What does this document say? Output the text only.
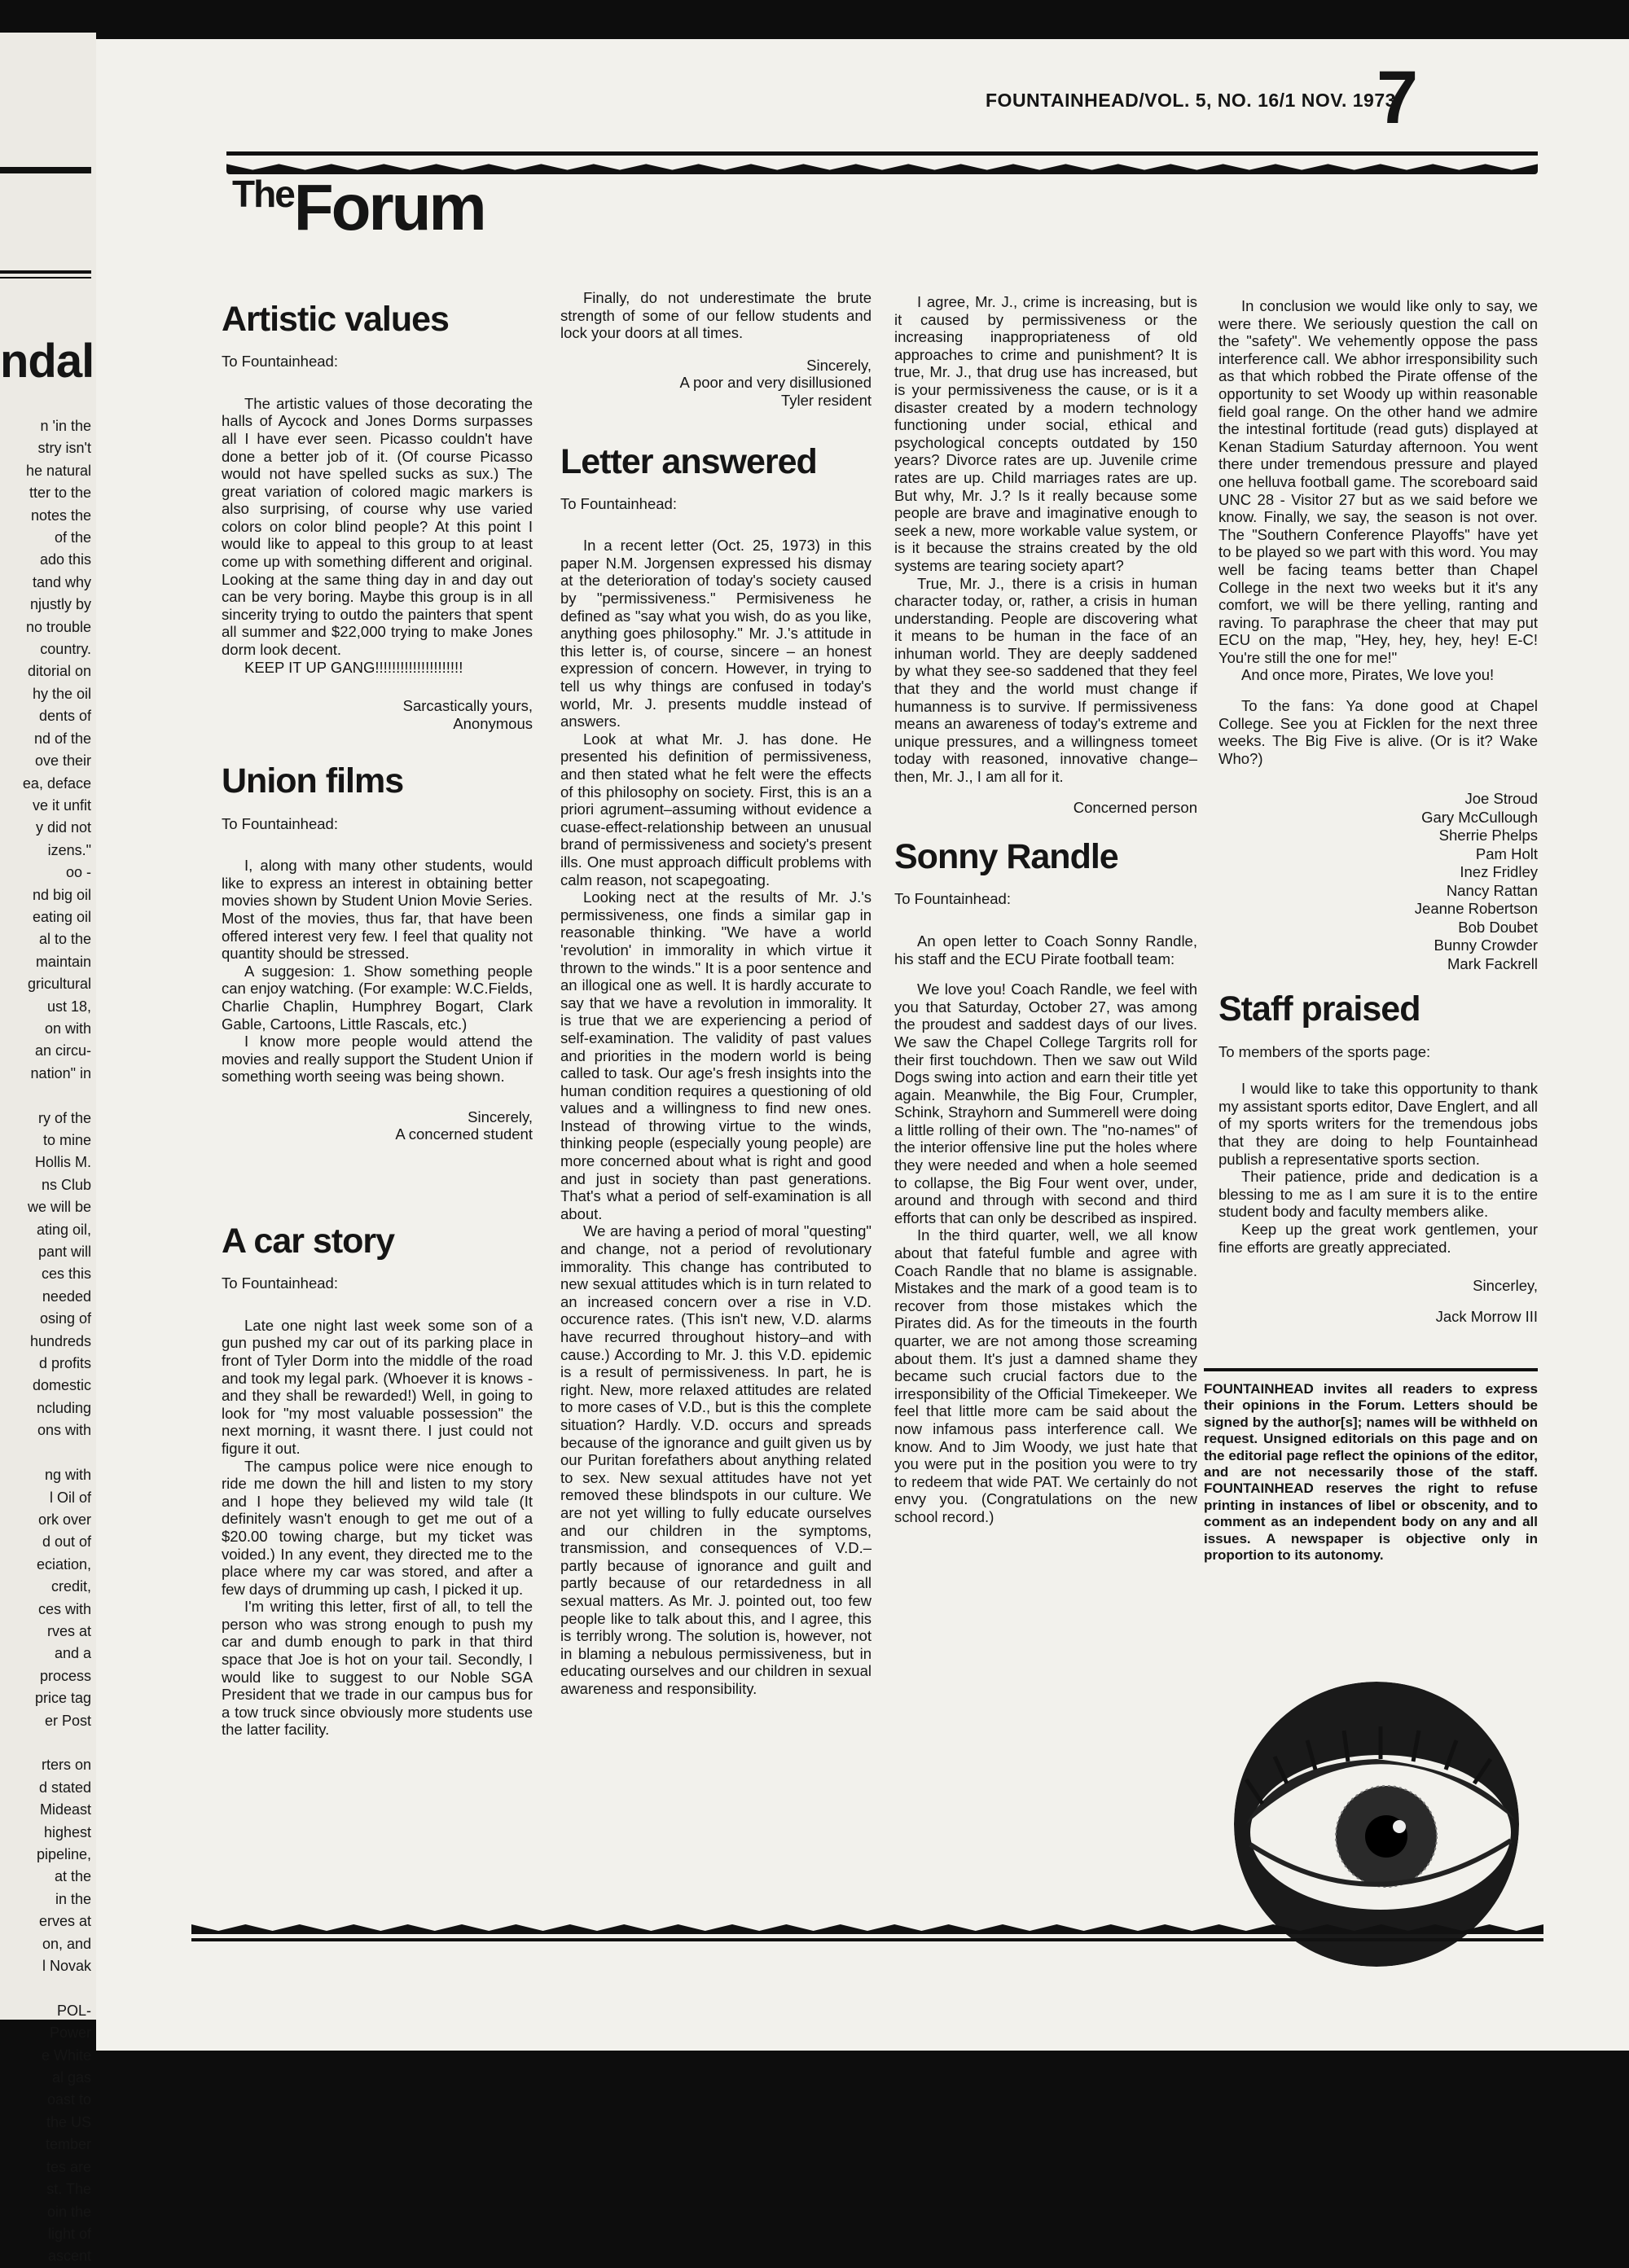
ndal
n 'in the
stry isn't
he natural
tter to the
notes the
of the
ado this
tand why
njustly by
no trouble
country.
ditorial on
hy the oil
dents of
nd of the
ove their
ea, deface
ve it unfit
y did not
izens."
oo -
nd big oil
eating oil
al to the
maintain
gricultural
ust 18,
on with
an circu-
nation" in

ry of the
to mine
Hollis M.
ns Club
we will be
ating oil,
pant will
ces this
needed
osing of
hundreds
d profits
domestic
ncluding
ons with

ng with
l Oil of
ork over
d out of
eciation,
credit,
ces with
rves at
and a
process
price tag
er Post

rters on
d stated
Mideast
highest
pipeline,
at the
in the
erves at
on, and
l Novak

POL-
Power
e White
al gas
oast to
the US
tember
tes are
st. The
oin the
light of
ascent
FOUNTAINHEAD/VOL. 5, NO. 16/1 NOV. 1973
7
$^{The}$Forum
Artistic values

To Fountainhead:

The artistic values of those decorating the halls of Aycock and Jones Dorms surpasses all I have ever seen. Picasso couldn't have done a better job of it. (Of course Picasso would not have spelled sucks as sux.) The great variation of colored magic markers is also surprising, of course why use varied colors on color blind people? At this point I would like to appeal to this group to at least come up with something different and original. Looking at the same thing day in and day out can be very boring. Maybe this group is in all sincerity trying to outdo the painters that spent all summer and $22,000 trying to make Jones dorm look decent.

KEEP IT UP GANG!!!!!!!!!!!!!!!!!!!!!

Sarcastically yours,

Anonymous

Union films

To Fountainhead:

I, along with many other students, would like to express an interest in obtaining better movies shown by Student Union Movie Series. Most of the movies, thus far, that have been offered interest very few. I feel that quality not quantity should be stressed.

A suggesion: 1. Show something people can enjoy watching. (For example: W.C.Fields, Charlie Chaplin, Humphrey Bogart, Clark Gable, Cartoons, Little Rascals, etc.)

I know more people would attend the movies and really support the Student Union if something worth seeing was being shown.

Sincerely,

A concerned student

A car story

To Fountainhead:

Late one night last week some son of a gun pushed my car out of its parking place in front of Tyler Dorm into the middle of the road and took my legal park. (Whoever it is knows - and they shall be rewarded!) Well, in going to look for "my most valuable possession" the next morning, it wasnt there. I just could not figure it out.

The campus police were nice enough to ride me down the hill and listen to my story and I hope they believed my wild tale (It definitely wasn't enough to get me out of a $20.00 towing charge, but my ticket was voided.) In any event, they directed me to the place where my car was stored, and after a few days of drumming up cash, I picked it up.

I'm writing this letter, first of all, to tell the person who was strong enough to push my car and dumb enough to park in that third space that Joe is hot on your tail. Secondly, I would like to suggest to our Noble SGA President that we trade in our campus bus for a tow truck since obviously more students use the latter facility.

Finally, do not underestimate the brute strength of some of our fellow students and lock your doors at all times.

Sincerely,

A poor and very disillusioned

Tyler resident

Letter answered

To Fountainhead:

In a recent letter (Oct. 25, 1973) in this paper N.M. Jorgensen expressed his dismay at the deterioration of today's society caused by "permissiveness." Permisiveness he defined as "say what you wish, do as you like, anything goes philosophy." Mr. J.'s attitude in this letter is, of course, sincere – an honest expression of concern. However, in trying to tell us why things are confused in today's world, Mr. J. presents muddle instead of answers.

Look at what Mr. J. has done. He presented his definition of permissiveness, and then stated what he felt were the effects of this philosophy on society. First, this is an a priori agrument–assuming without evidence a cuase-effect-relationship between an unusual brand of permissiveness and society's present ills. One must approach difficult problems with calm reason, not scapegoating.

Looking nect at the results of Mr. J.'s permissiveness, one finds a similar gap in reasonable thinking. "We have a world 'revolution' in immorality in which virtue it thrown to the winds." It is a poor sentence and an illogical one as well. It is hardly accurate to say that we have a revolution in immorality. It is true that we are experiencing a period of self-examination. The validity of past values and priorities in the modern world is being called to task. Our age's fresh insights into the human condition requires a questioning of old values and a willingness to find new ones. Instead of throwing virtue to the winds, thinking people (especially young people) are more concerned about what is right and good and just in society than past generations. That's what a period of self-examination is all about.

We are having a period of moral "questing" and change, not a period of revolutionary immorality. This change has contributed to new sexual attitudes which is in turn related to an increased concern over a rise in V.D. occurence rates. (This isn't new, V.D. alarms have recurred throughout history–and with cause.) According to Mr. J. this V.D. epidemic is a result of permissiveness. In part, he is right. New, more relaxed attitudes are related to more cases of V.D., but is this the complete situation? Hardly. V.D. occurs and spreads because of the ignorance and guilt given us by our Puritan forefathers about anything related to sex. New sexual attitudes have not yet removed these blindspots in our culture. We are not yet willing to fully educate ourselves and our children in the symptoms, transmission, and consequences of V.D.–partly because of ignorance and guilt and partly because of our retardedness in all sexual matters. As Mr. J. pointed out, too few people like to talk about this, and I agree, this is terribly wrong. The solution is, however, not in blaming a nebulous permissiveness, but in educating ourselves and our children in sexual awareness and responsibility.

I agree, Mr. J., crime is increasing, but is it caused by permissiveness or the increasing inappropriateness of old approaches to crime and punishment? It is true, Mr. J., that drug use has increased, but is your permissiveness the cause, or is it a disaster created by a modern technology functioning under social, ethical and psychological concepts outdated by 150 years? Divorce rates are up. Juvenile crime rates are up. Child marriages rates are up. But why, Mr. J.? Is it really because some people are brave and imaginative enough to seek a new, more workable value system, or is it because the strains created by the old systems are tearing society apart?

True, Mr. J., there is a crisis in human character today, or, rather, a crisis in human understanding. People are discovering what it means to be human in the face of an inhuman world. They are deeply saddened by what they see-so saddened that they feel that they and the world must change if humanness is to survive. If permissiveness means an awareness of today's extreme and unique pressures, and a willingness tomeet today with reasoned, innovative change–then, Mr. J., I am all for it.

Concerned person

Sonny Randle

To Fountainhead:

An open letter to Coach Sonny Randle, his staff and the ECU Pirate football team:

We love you! Coach Randle, we feel with you that Saturday, October 27, was among the proudest and saddest days of our lives. We saw the Chapel College Targrits roll for their first touchdown. Then we saw out Wild Dogs swing into action and earn their title yet again. Meanwhile, the Big Four, Crumpler, Schink, Strayhorn and Summerell were doing a little rolling of their own. The "no-names" of the interior offensive line put the holes where they were needed and when a hole seemed to collapse, the Big Four went over, under, around and through with second and third efforts that can only be described as inspired.

In the third quarter, well, we all know about that fateful fumble and agree with Coach Randle that no blame is assignable. Mistakes and the mark of a good team is to recover from those mistakes which the Pirates did. As for the timeouts in the fourth quarter, we are not among those screaming about them. It's just a damned shame they became such crucial factors due to the irresponsibility of the Official Timekeeper. We feel that little more cam be said about the now infamous pass interference call. We know. And to Jim Woody, we just hate that you were put in the position you were to try to redeem that wide PAT. We certainly do not envy you. (Congratulations on the new school record.)

In conclusion we would like only to say, we were there. We seriously question the call on the "safety". We vehemently oppose the pass interference call. We abhor irresponsibility such as that which robbed the Pirate offense of the opportunity to set Woody up within reasonable field goal range. On the other hand we admire the intestinal fortitude (read guts) displayed at Kenan Stadium Saturday afternoon. You went there under tremendous pressure and played one helluva football game. The scoreboard said UNC 28 - Visitor 27 but as we said before we know. Finally, we say, the season is not over. The "Southern Conference Playoffs" have yet to be played so we part with this word. You may well be facing teams better than Chapel College in the next two weeks but it it's any comfort, we will be there yelling, ranting and raving. To paraphrase the cheer that may put ECU on the map, "Hey, hey, hey, hey! E-C! You're still the one for me!"

And once more, Pirates, We love you!

To the fans: Ya done good at Chapel College. See you at Ficklen for the next three weeks. The Big Five is alive. (Or is it? Wake Who?)

Joe Stroud
Gary McCullough
Sherrie Phelps
Pam Holt
Inez Fridley
Nancy Rattan
Jeanne Robertson
Bob Doubet
Bunny Crowder
Mark Fackrell
Staff praised

To members of the sports page:

I would like to take this opportunity to thank my assistant sports editor, Dave Englert, and all of my sports writers for the tremendous jobs that they are doing to help Fountainhead publish a representative sports section.

Their patience, pride and dedication is a blessing to me as I am sure it is to the entire student body and faculty members alike.

Keep up the great work gentlemen, your fine efforts are greatly appreciated.

Sincerley,

Jack Morrow III

FOUNTAINHEAD invites all readers to express their opinions in the Forum. Letters should be signed by the author[s]; names will be withheld on request. Unsigned editorials on this page and on the editorial page reflect the opinions of the editor, and are not necessarily those of the staff. FOUNTAINHEAD reserves the right to refuse printing in instances of libel or obscenity, and to comment as an independent body on any and all issues. A newspaper is objective only in proportion to its autonomy.
